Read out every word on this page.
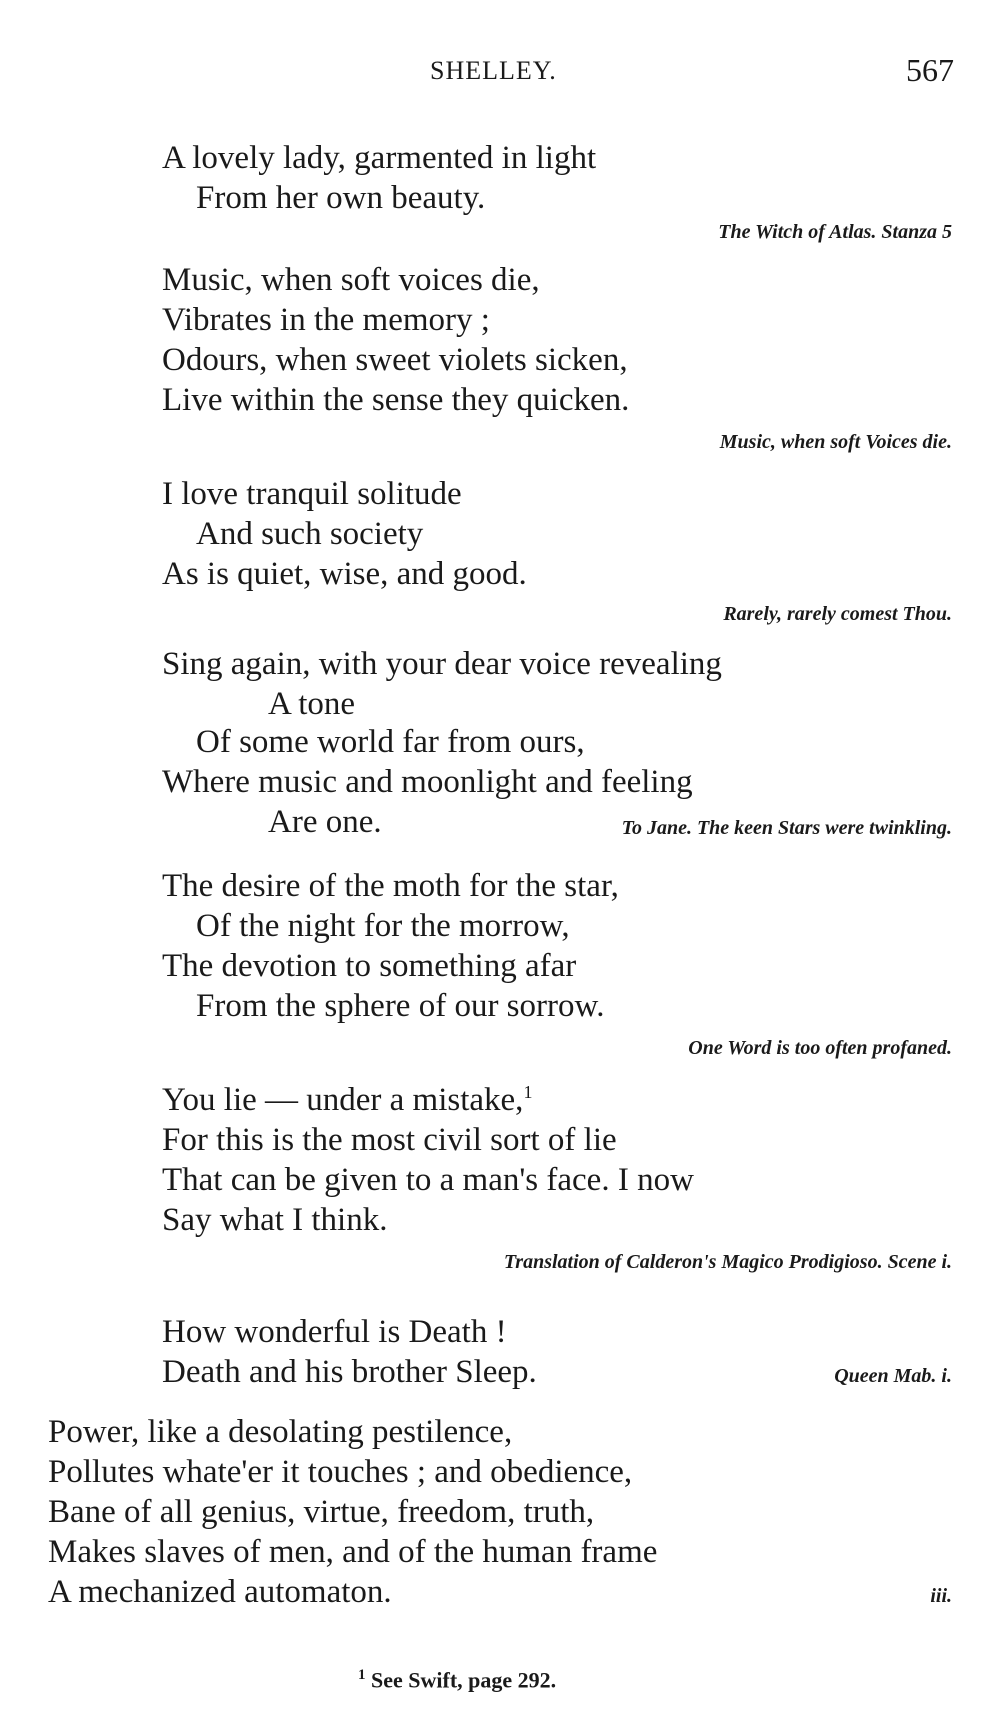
SHELLEY.	567
A lovely lady, garmented in light
From her own beauty.
The Witch of Atlas. Stanza 5
Music, when soft voices die,
Vibrates in the memory ;
Odours, when sweet violets sicken,
Live within the sense they quicken.
Music, when soft Voices die.
I love tranquil solitude
And such society
As is quiet, wise, and good.
Rarely, rarely comest Thou.
Sing again, with your dear voice revealing
A tone
Of some world far from ours,
Where music and moonlight and feeling
Are one.	To Jane. The keen Stars were twinkling.
The desire of the moth for the star,
Of the night for the morrow,
The devotion to something afar
From the sphere of our sorrow.
One Word is too often profaned.
You lie — under a mistake,$^1$
For this is the most civil sort of lie
That can be given to a man's face. I now
Say what I think.
Translation of Calderon's Magico Prodigioso. Scene i.
How wonderful is Death !
Death and his brother Sleep.	Queen Mab. i.
Power, like a desolating pestilence,
Pollutes whate'er it touches ; and obedience,
Bane of all genius, virtue, freedom, truth,
Makes slaves of men, and of the human frame
A mechanized automaton.	iii.
$^1$ See Swift, page 292.
